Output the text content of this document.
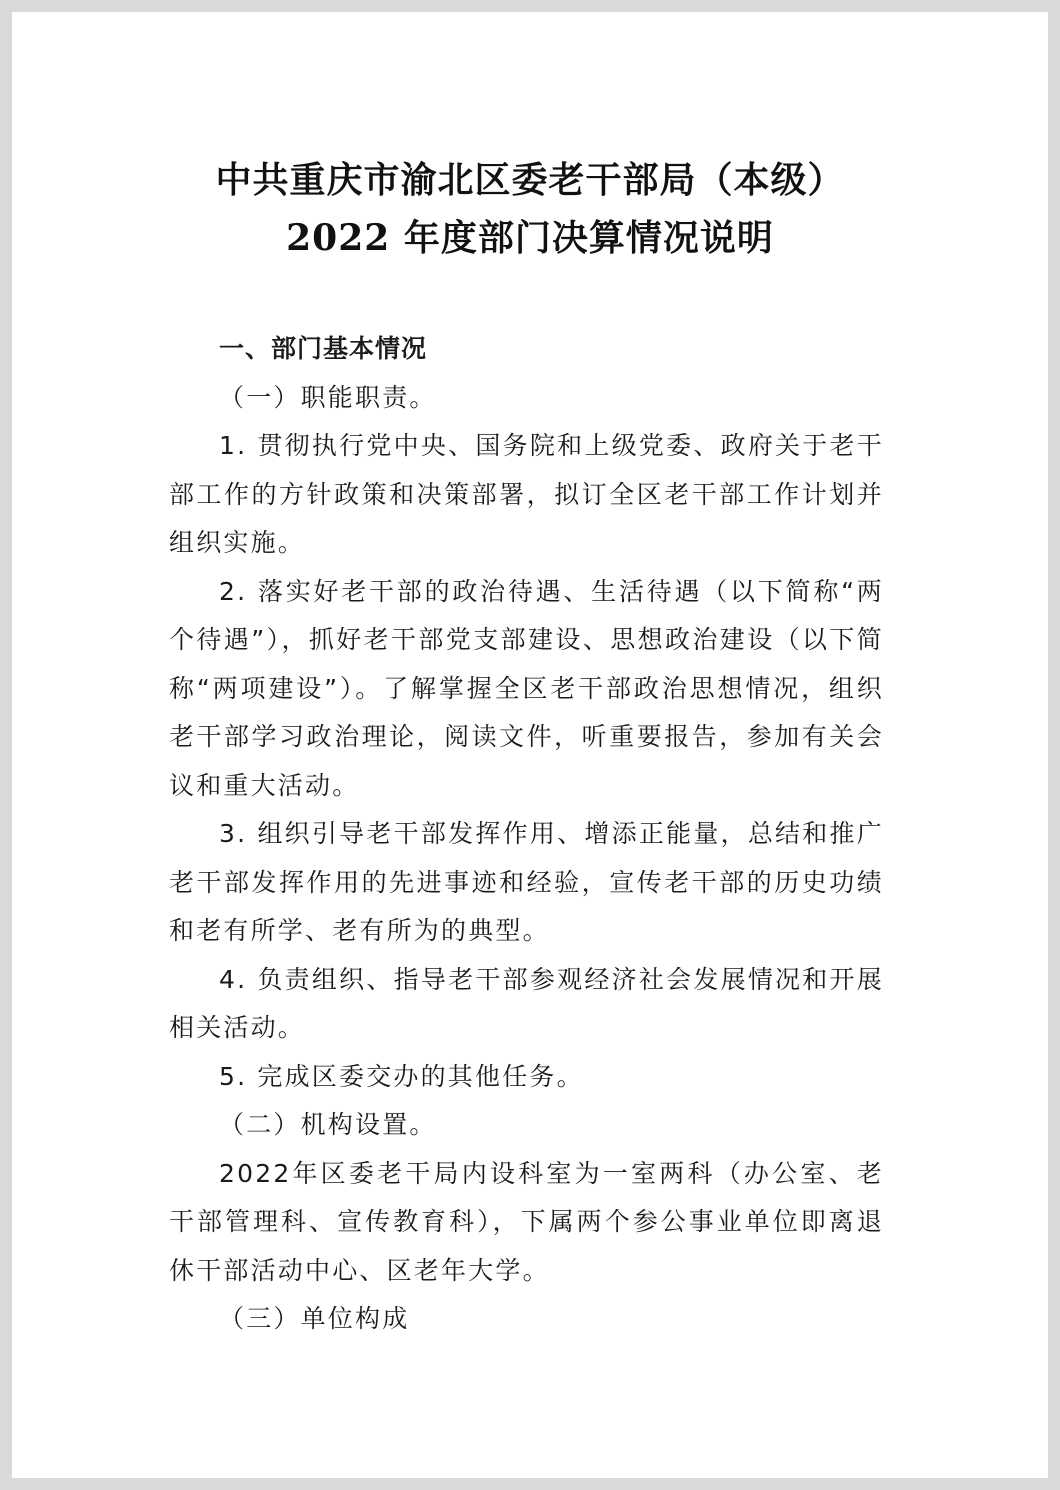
中共重庆市渝北区委老干部局（本级）
2022 年度部门决算情况说明

一、部门基本情况

（一）职能职责。

1. 贯彻执行党中央、国务院和上级党委、政府关于老干部工作的方针政策和决策部署，拟订全区老干部工作计划并组织实施。

2. 落实好老干部的政治待遇、生活待遇（以下简称“两个待遇”），抓好老干部党支部建设、思想政治建设（以下简称“两项建设”）。了解掌握全区老干部政治思想情况，组织老干部学习政治理论，阅读文件，听重要报告，参加有关会议和重大活动。

3. 组织引导老干部发挥作用、增添正能量，总结和推广老干部发挥作用的先进事迹和经验，宣传老干部的历史功绩和老有所学、老有所为的典型。

4. 负责组织、指导老干部参观经济社会发展情况和开展相关活动。

5. 完成区委交办的其他任务。

（二）机构设置。

2022年区委老干局内设科室为一室两科（办公室、老干部管理科、宣传教育科），下属两个参公事业单位即离退休干部活动中心、区老年大学。

（三）单位构成
